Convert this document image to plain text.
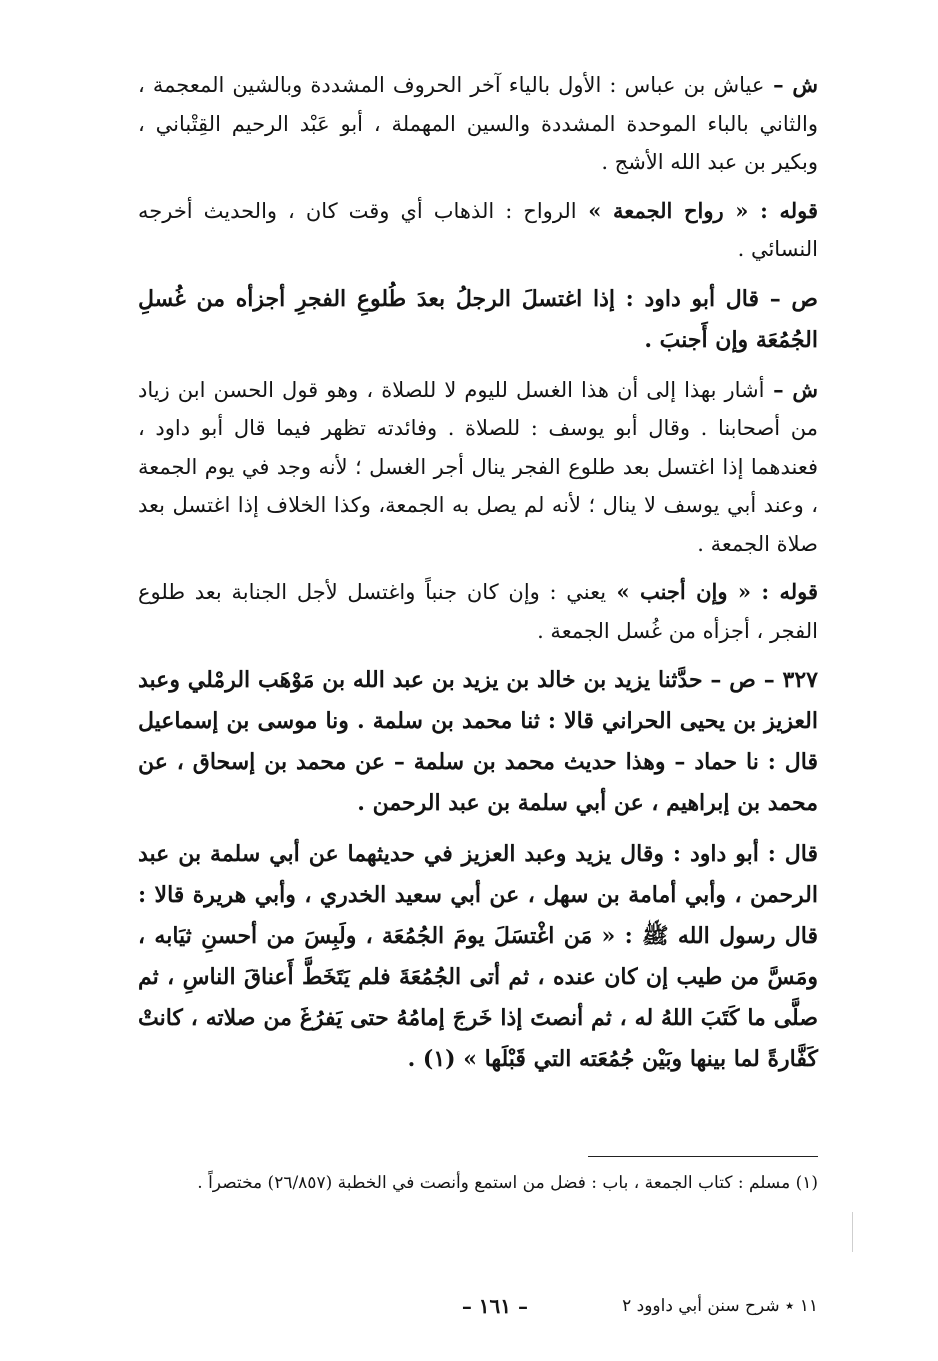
ش – عياش بن عباس : الأول بالياء آخر الحروف المشددة وبالشين المعجمة ، والثاني بالباء الموحدة المشددة والسين المهملة ، أبو عَبْد الرحيم القِتْباني ، وبكير بن عبد الله الأشج .

قوله : « رواح الجمعة » الرواح : الذهاب أي وقت كان ، والحديث أخرجه النسائي .

ص – قال أبو داود : إذا اغتسلَ الرجلُ بعدَ طُلوعِ الفجرِ أجزأه من غُسلِ الجُمُعَة وإن أَجنبَ .

ش – أشار بهذا إلى أن هذا الغسل لليوم لا للصلاة ، وهو قول الحسن ابن زياد من أصحابنا . وقال أبو يوسف : للصلاة . وفائدته تظهر فيما قال أبو داود ، فعندهما إذا اغتسل بعد طلوع الفجر ينال أجر الغسل ؛ لأنه وجد في يوم الجمعة ، وعند أبي يوسف لا ينال ؛ لأنه لم يصل به الجمعة، وكذا الخلاف إذا اغتسل بعد صلاة الجمعة .

قوله : « وإن أجنب » يعني : وإن كان جنباً واغتسل لأجل الجنابة بعد طلوع الفجر ، أجزأه من غُسل الجمعة .

٣٢٧ – ص – حدَّثنا يزيد بن خالد بن يزيد بن عبد الله بن مَوْهَب الرمْلي وعبد العزيز بن يحيى الحراني قالا : ثنا محمد بن سلمة . ونا موسى بن إسماعيل قال : نا حماد – وهذا حديث محمد بن سلمة – عن محمد بن إسحاق ، عن محمد بن إبراهيم ، عن أبي سلمة بن عبد الرحمن .

قال : أبو داود : وقال يزيد وعبد العزيز في حديثهما عن أبي سلمة بن عبد الرحمن ، وأبي أمامة بن سهل ، عن أبي سعيد الخدري ، وأبي هريرة قالا : قال رسول الله ﷺ : « مَن اغْتسَلَ يومَ الجُمُعَة ، ولَبِسَ من أحسنِ ثيَابه ، ومَسَّ من طيب إن كان عنده ، ثم أتى الجُمُعَةَ فلم يَتَخَطَّ أَعناقَ الناسِ ، ثم صلَّى ما كَتَبَ اللهُ له ، ثم أنصتَ إذا خَرجَ إمامُهُ حتى يَفرُغَ من صلاته ، كانتْ كَفَّارةً لما بينها وبَيْن جُمُعَته التي قَبْلَها » (١) .

(١) مسلم : كتاب الجمعة ، باب : فضل من استمع وأنصت في الخطبة (٢٦/٨٥٧) مختصراً .

١١ ٭ شرح سنن أبي داوود ٢
– ١٦١ –
